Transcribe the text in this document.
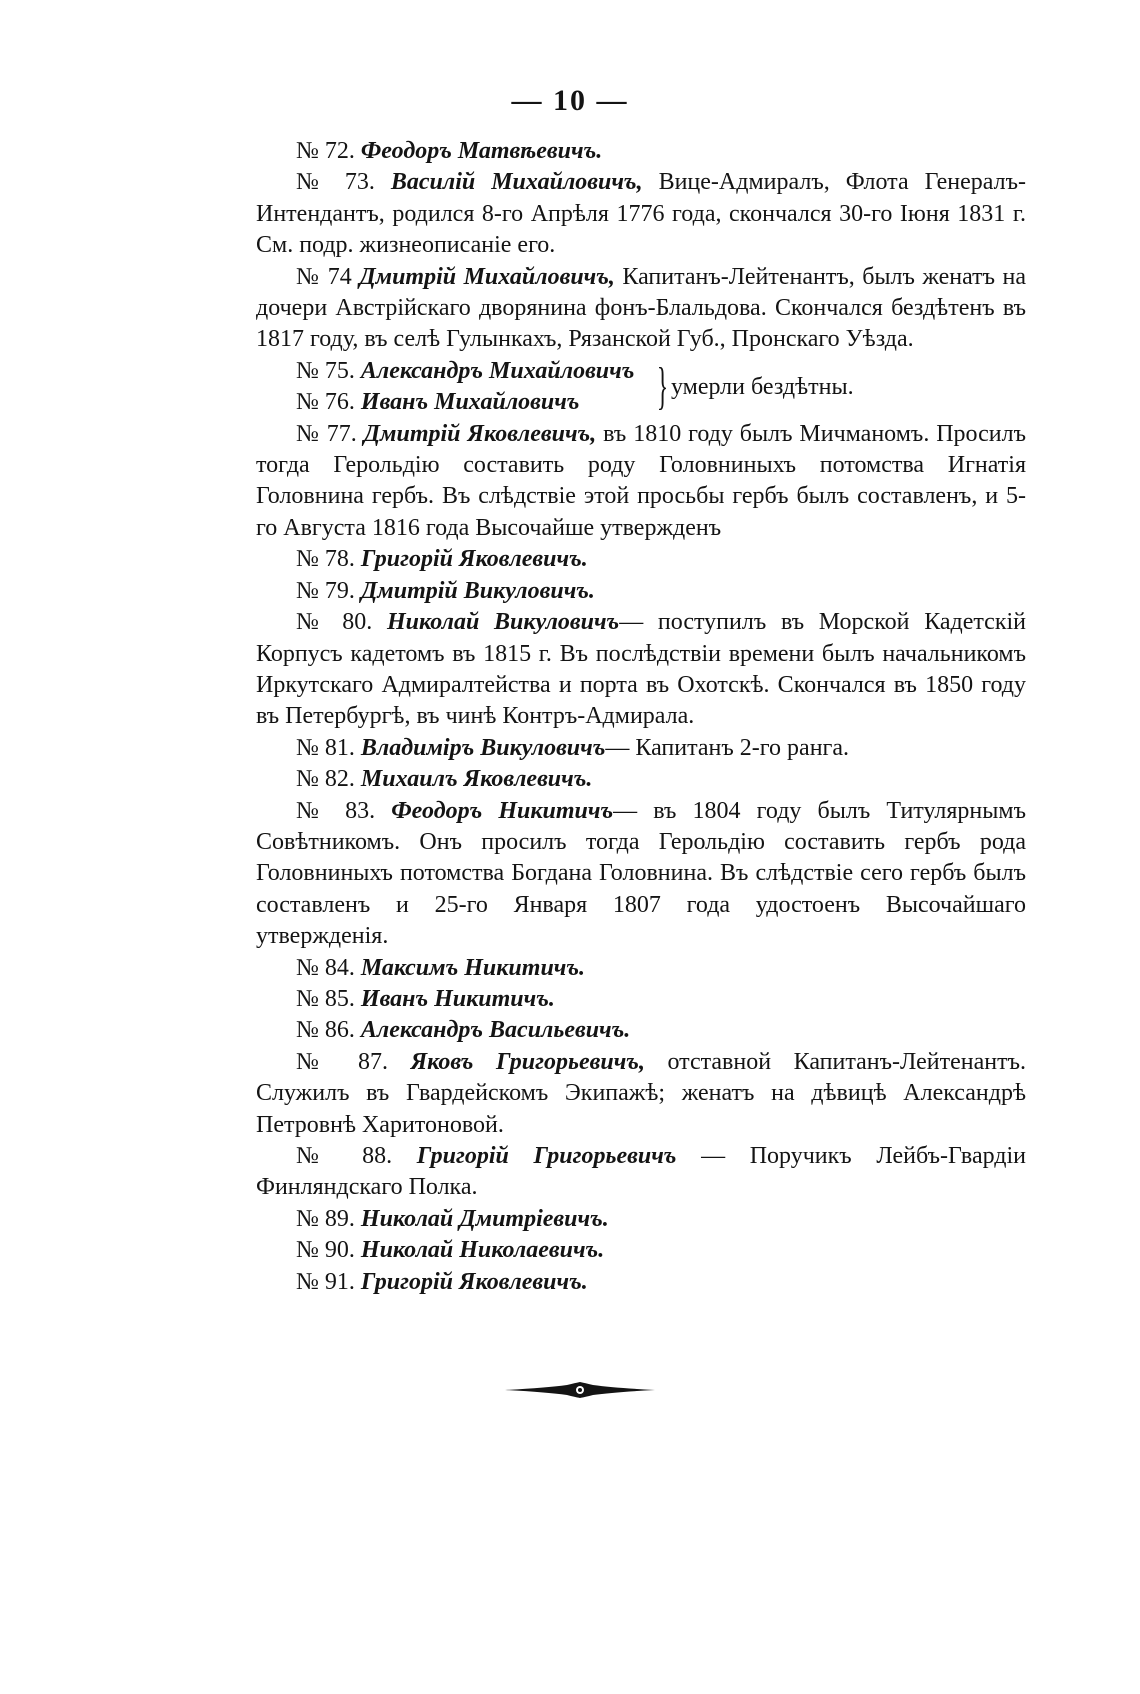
— 10 —

№ 72. Феодоръ Матвѣевичъ.

№ 73. Василій Михайловичъ, Вице-Адмиралъ, Флота Генералъ-Интендантъ, родился 8-го Апрѣля 1776 года, скончался 30-го Іюня 1831 г. См. подр. жизнеописаніе его.

№ 74 Дмитрій Михайловичъ, Капитанъ-Лейтенантъ, былъ женатъ на дочери Австрійскаго дворянина фонъ-Блальдова. Скончался бездѣтенъ въ 1817 году, въ селѣ Гулынкахъ, Рязанской Губ., Пронскаго Уѣзда.

№ 75. Александръ Михайловичъ

№ 76. Иванъ Михайловичъ	} умерли бездѣтны.

№ 77. Дмитрій Яковлевичъ, въ 1810 году былъ Мичманомъ. Просилъ тогда Герольдію составить роду Головниныхъ потомства Игнатія Головнина гербъ. Въ слѣдствіе этой просьбы гербъ былъ составленъ, и 5-го Августа 1816 года Высочайше утвержденъ

№ 78. Григорій Яковлевичъ.

№ 79. Дмитрій Викуловичъ.

№ 80. Николай Викуловичъ— поступилъ въ Морской Кадетскій Корпусъ кадетомъ въ 1815 г. Въ послѣдствіи времени былъ начальникомъ Иркутскаго Адмиралтейства и порта въ Охотскѣ. Скончался въ 1850 году въ Петербургѣ, въ чинѣ Контръ-Адмирала.

№ 81. Владиміръ Викуловичъ— Капитанъ 2-го ранга.

№ 82. Михаилъ Яковлевичъ.

№ 83. Феодоръ Никитичъ— въ 1804 году былъ Титулярнымъ Совѣтникомъ. Онъ просилъ тогда Герольдію составить гербъ рода Головниныхъ потомства Богдана Головнина. Въ слѣдствіе сего гербъ былъ составленъ и 25-го Января 1807 года удостоенъ Высочайшаго утвержденія.

№ 84. Максимъ Никитичъ.

№ 85. Иванъ Никитичъ.

№ 86. Александръ Васильевичъ.

№ 87. Яковъ Григорьевичъ, отставной Капитанъ-Лейтенантъ. Служилъ въ Гвардейскомъ Экипажѣ; женатъ на дѣвицѣ Александрѣ Петровнѣ Харитоновой.

№ 88. Григорій Григорьевичъ — Поручикъ Лейбъ-Гвардіи Финляндскаго Полка.

№ 89. Николай Дмитріевичъ.

№ 90. Николай Николаевичъ.

№ 91. Григорій Яковлевичъ.
